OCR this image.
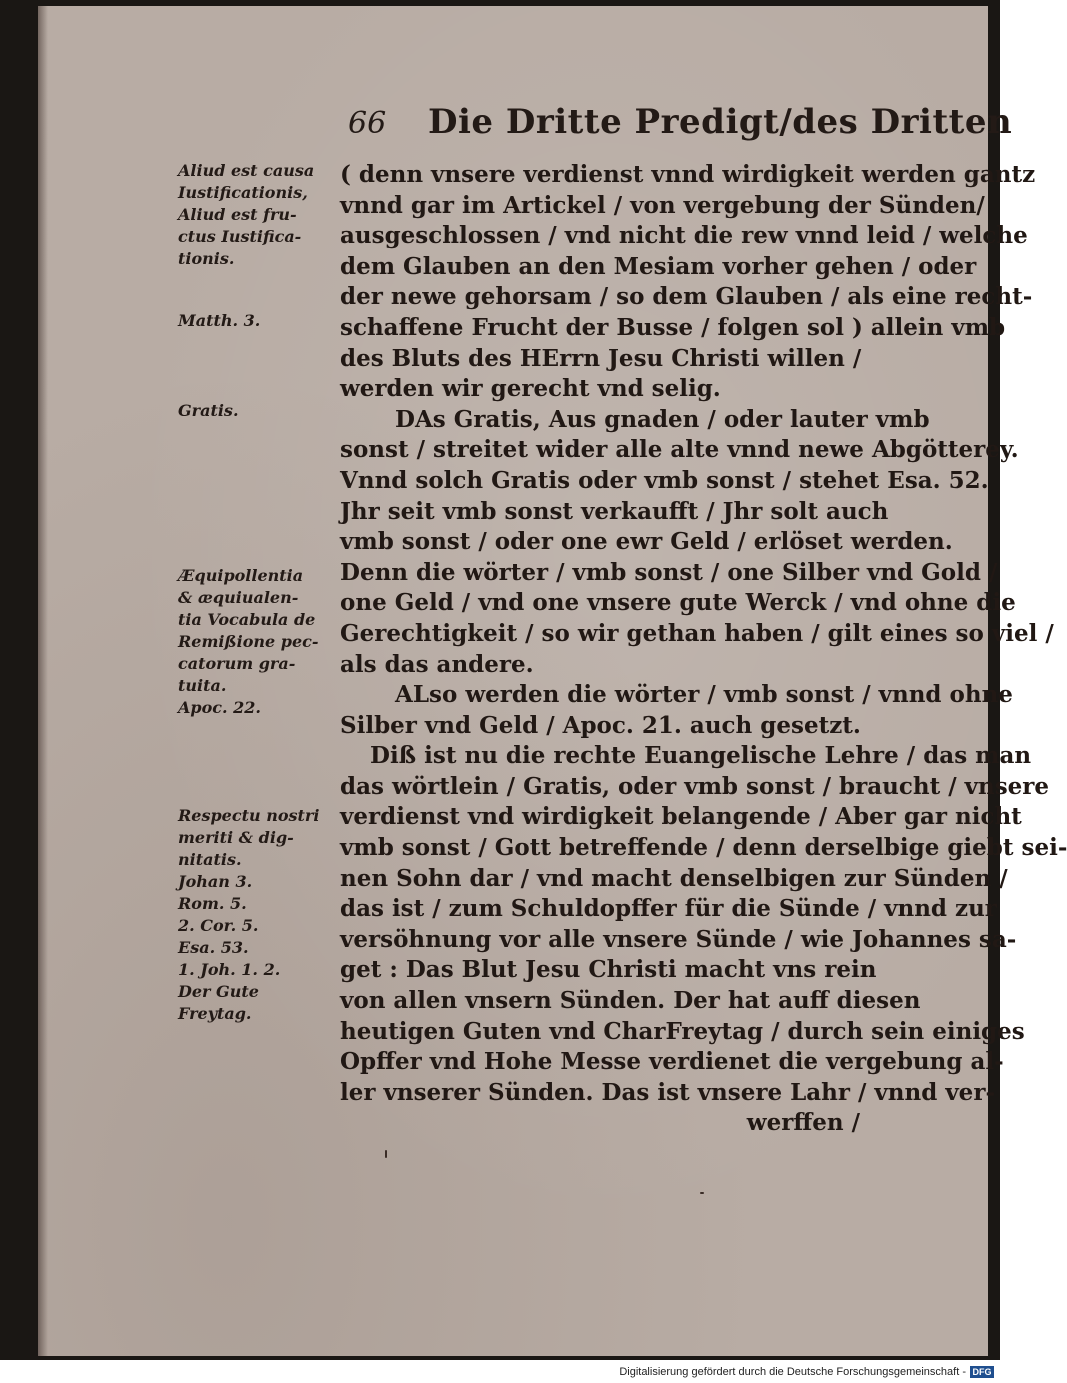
66 Die Dritte Predigt/des Dritten
( denn vnsere verdienst vnnd wirdigkeit werden gantz
vnnd gar im Artickel / von vergebung der Sünden/
ausgeschlossen / vnd nicht die rew vnnd leid / welche
dem Glauben an den Mesiam vorher gehen / oder
der newe gehorsam / so dem Glauben / als eine recht-
schaffene Frucht der Busse / folgen sol ) allein vmb
des Bluts des HErrn Jesu Christi willen /
werden wir gerecht vnd selig.
DAs Gratis, Aus gnaden / oder lauter vmb
sonst / streitet wider alle alte vnnd newe Abgötterey.
Vnnd solch Gratis oder vmb sonst / stehet Esa. 52.
Jhr seit vmb sonst verkaufft / Jhr solt auch
vmb sonst / oder one ewr Geld / erlöset werden.
Denn die wörter / vmb sonst / one Silber vnd Gold /
one Geld / vnd one vnsere gute Werck / vnd ohne die
Gerechtigkeit / so wir gethan haben / gilt eines so viel /
als das andere.
ALso werden die wörter / vmb sonst / vnnd ohne
Silber vnd Geld / Apoc. 21. auch gesetzt.
Diß ist nu die rechte Euangelische Lehre / das man
das wörtlein / Gratis, oder vmb sonst / braucht / vnsere
verdienst vnd wirdigkeit belangende / Aber gar nicht
vmb sonst / Gott betreffende / denn derselbige giebt sei-
nen Sohn dar / vnd macht denselbigen zur Sünden /
das ist / zum Schuldopffer für die Sünde / vnnd zur
versöhnung vor alle vnsere Sünde / wie Johannes sa-
get : Das Blut Jesu Christi macht vns rein
von allen vnsern Sünden. Der hat auff diesen
heutigen Guten vnd CharFreytag / durch sein einiges
Opffer vnd Hohe Messe verdienet die vergebung al-
ler vnserer Sünden. Das ist vnsere Lahr / vnnd ver-
werffen /
Aliud est causa
Iustificationis,
Aliud est fru-
ctus Iustifica-
tionis.
Matth. 3.
Gratis.
Æquipollentia
& æquiualen-
tia Vocabula de
Remißione pec-
catorum gra-
tuita.
Apoc. 22.
Respectu nostri
meriti & dig-
nitatis.
Johan 3.
Rom. 5.
2. Cor. 5.
Esa. 53.
1. Joh. 1. 2.
Der Gute
Freytag.
Digitalisierung gefördert durch die Deutsche Forschungsgemeinschaft - DFG
